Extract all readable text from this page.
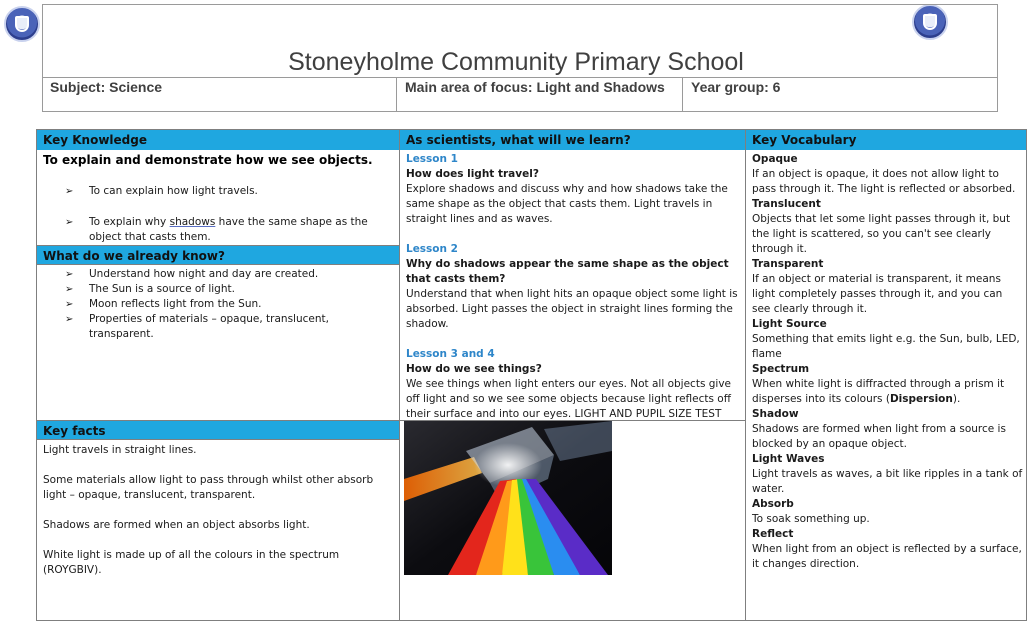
Stoneyholme Community Primary School
Subject: Science	Main area of focus: Light and Shadows	Year group: 6
Key Knowledge
To explain and demonstrate how we see objects.
➢ To can explain how light travels.
➢ To explain why shadows have the same shape as the object that casts them.
What do we already know?
➢ Understand how night and day are created.
➢ The Sun is a source of light.
➢ Moon reflects light from the Sun.
➢ Properties of materials – opaque, translucent, transparent.
Key facts

Light travels in straight lines.

Some materials allow light to pass through whilst other absorb light – opaque, translucent, transparent.

Shadows are formed when an object absorbs light.

White light is made up of all the colours in the spectrum (ROYGBIV).

As scientists, what will we learn?
Lesson 1
How does light travel?
Explore shadows and discuss why and how shadows take the same shape as the object that casts them. Light travels in straight lines and as waves.
Lesson 2
Why do shadows appear the same shape as the object that casts them?
Understand that when light hits an opaque object some light is absorbed. Light passes the object in straight lines forming the shadow.
Lesson 3 and 4
How do we see things?
We see things when light enters our eyes. Not all objects give off light and so we see some objects because light reflects off their surface and into our eyes. LIGHT AND PUPIL SIZE TEST
Key Vocabulary
Opaque
If an object is opaque, it does not allow light to pass through it. The light is reflected or absorbed.
Translucent
Objects that let some light passes through it, but the light is scattered, so you can't see clearly through it.
Transparent
If an object or material is transparent, it means light completely passes through it, and you can see clearly through it.
Light Source
Something that emits light e.g. the Sun, bulb, LED, flame
Spectrum
When white light is diffracted through a prism it disperses into its colours (Dispersion).
Shadow
Shadows are formed when light from a source is blocked by an opaque object.
Light Waves
Light travels as waves, a bit like ripples in a tank of water.
Absorb
To soak something up.
Reflect
When light from an object is reflected by a surface, it changes direction.
